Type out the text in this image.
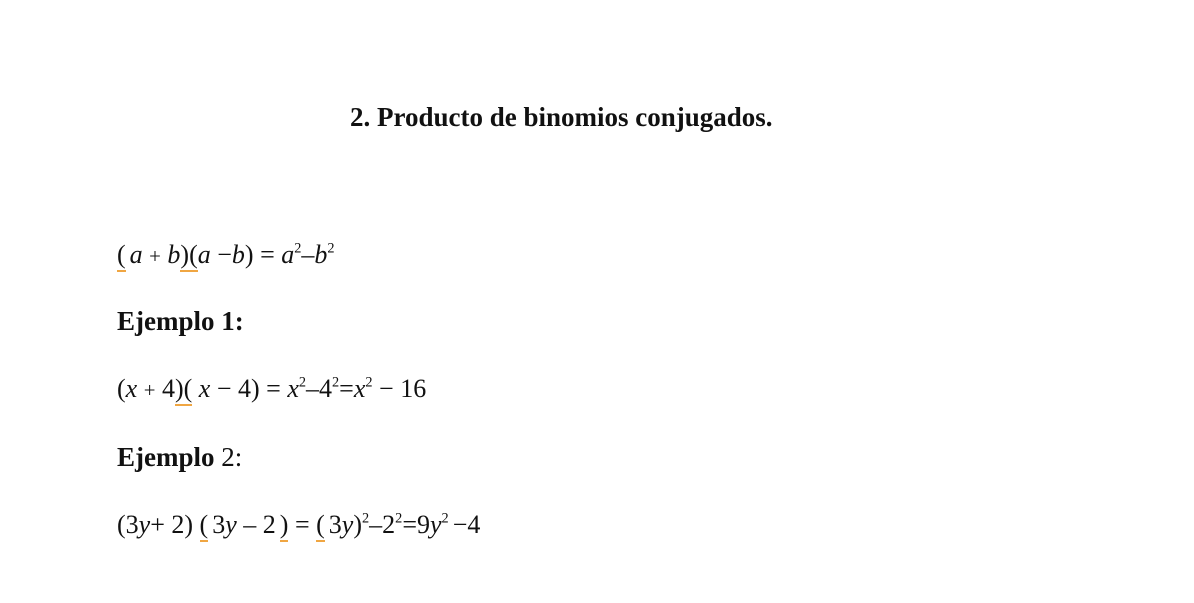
2. Producto de binomios conjugados.
( $a + b)(a -b) = a^2-b^2$
Ejemplo 1:
(x + 4)( $x - 4) = x^2-4^2=x^2 - 16$
Ejemplo 2:
(3y+ 2) ( 3y – 2 ) = ( $3y)^2-2^2=9y^2 -4$
